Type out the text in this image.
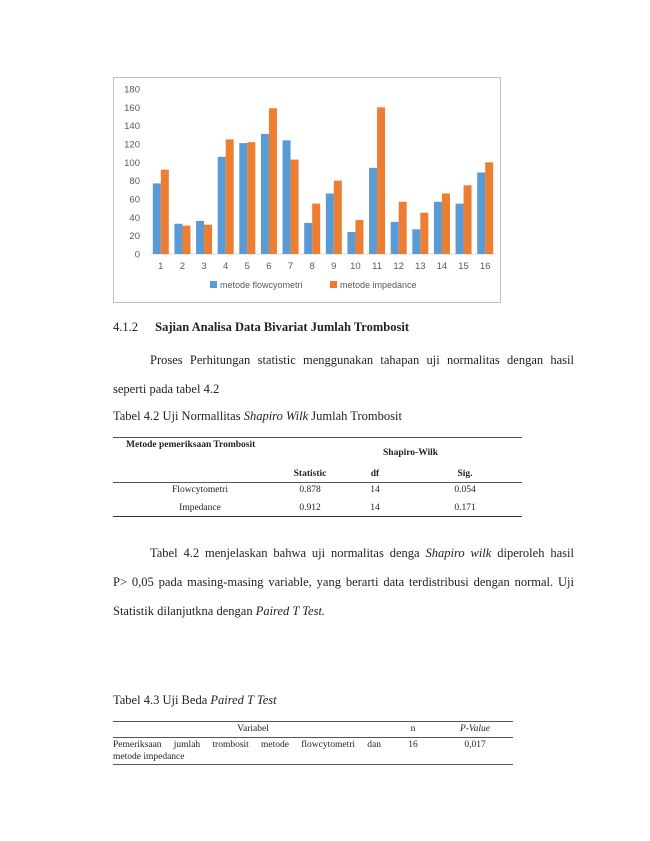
0
20
40
60
80
100
120
140
160
180
1 2 3 4 5 6 7 8 9 10 11 12 13 14 15 16
metode flowcyometri	metode impedance
4.1.2 Sajian Analisa Data Bivariat Jumlah Trombosit
Proses Perhitungan statistic menggunakan tahapan uji normalitas dengan hasil
seperti pada tabel 4.2
Tabel 4.2 Uji Normallitas Shapiro Wilk Jumlah Trombosit
Metode pemeriksaan Trombosit
Shapiro-Wilk
Statistic	df	Sig.
Flowcytometri	0.878	14	0.054
Impedance	0.912	14	0.171
Tabel 4.2 menjelaskan bahwa uji normalitas denga Shapiro wilk diperoleh hasil
P> 0,05 pada masing-masing variable, yang berarti data terdistribusi dengan normal. Uji
Statistik dilanjutkna dengan Paired T Test.
Tabel 4.3 Uji Beda Paired T Test
Variabel	n	P-Value
Pemeriksaan jumlah trombosit metode flowcytometri dan
metode impedance
16	0,017
